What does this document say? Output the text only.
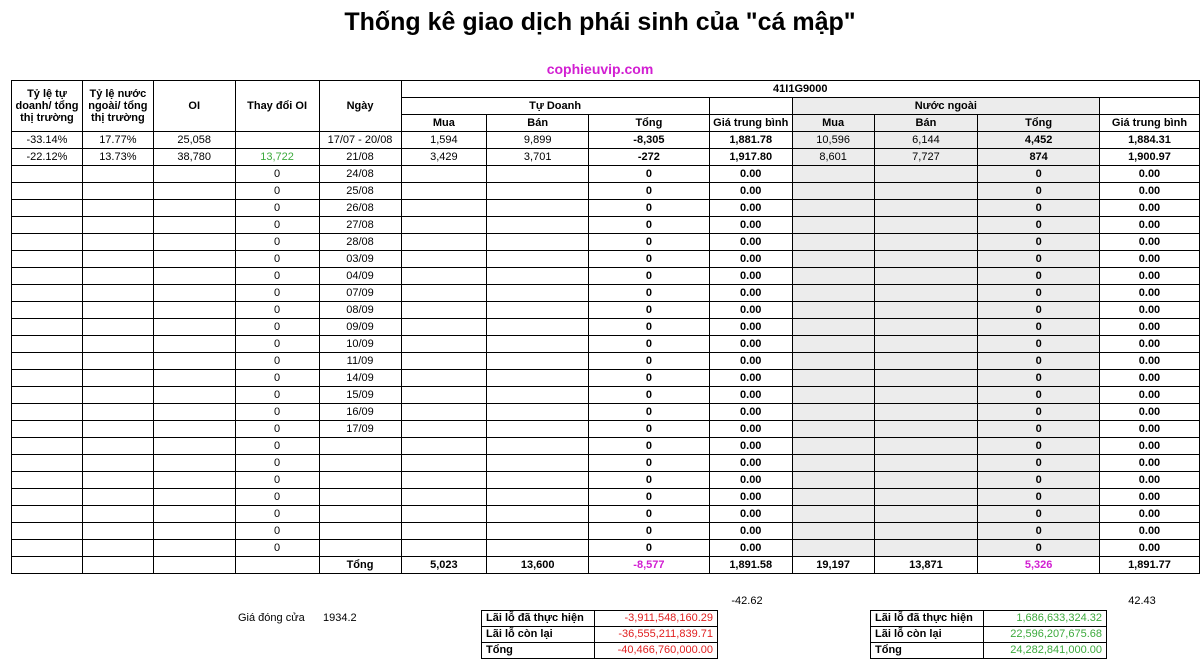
Thống kê giao dịch phái sinh của "cá mập"
cophieuvip.com
Tỷ lệ tự doanh/ tổng thị trường	Tỷ lệ nước ngoài/ tổng thị trường	OI	Thay đổi OI	Ngày	41I1G9000							
					Tự Doanh				Nước ngoài			
					Mua	Bán	Tổng	Giá trung bình	Mua	Bán	Tổng	Giá trung bình
-33.14%	17.77%	25,058		17/07 - 20/08	1,594	9,899	-8,305	1,881.78	10,596	6,144	4,452	1,884.31
-22.12%	13.73%	38,780	13,722	21/08	3,429	3,701	-272	1,917.80	8,601	7,727	874	1,900.97
			0	24/08			0	0.00			0	0.00
			0	25/08			0	0.00			0	0.00
			0	26/08			0	0.00			0	0.00
			0	27/08			0	0.00			0	0.00
			0	28/08			0	0.00			0	0.00
			0	03/09			0	0.00			0	0.00
			0	04/09			0	0.00			0	0.00
			0	07/09			0	0.00			0	0.00
			0	08/09			0	0.00			0	0.00
			0	09/09			0	0.00			0	0.00
			0	10/09			0	0.00			0	0.00
			0	11/09			0	0.00			0	0.00
			0	14/09			0	0.00			0	0.00
			0	15/09			0	0.00			0	0.00
			0	16/09			0	0.00			0	0.00
			0	17/09			0	0.00			0	0.00
			0				0	0.00			0	0.00
			0				0	0.00			0	0.00
			0				0	0.00			0	0.00
			0				0	0.00			0	0.00
			0				0	0.00			0	0.00
			0				0	0.00			0	0.00
			0				0	0.00			0	0.00
				Tổng	5,023	13,600	-8,577	1,891.58	19,197	13,871	5,326	1,891.77
-42.62	42.43
Giá đóng cửa 1934.2	Lãi lỗ đã thực hiện	-3,911,548,160.29
Lãi lỗ còn lại	-36,555,211,839.71
Tổng	-40,466,760,000.00
Lãi lỗ đã thực hiện	1,686,633,324.32
Lãi lỗ còn lại	22,596,207,675.68
Tổng	24,282,841,000.00
